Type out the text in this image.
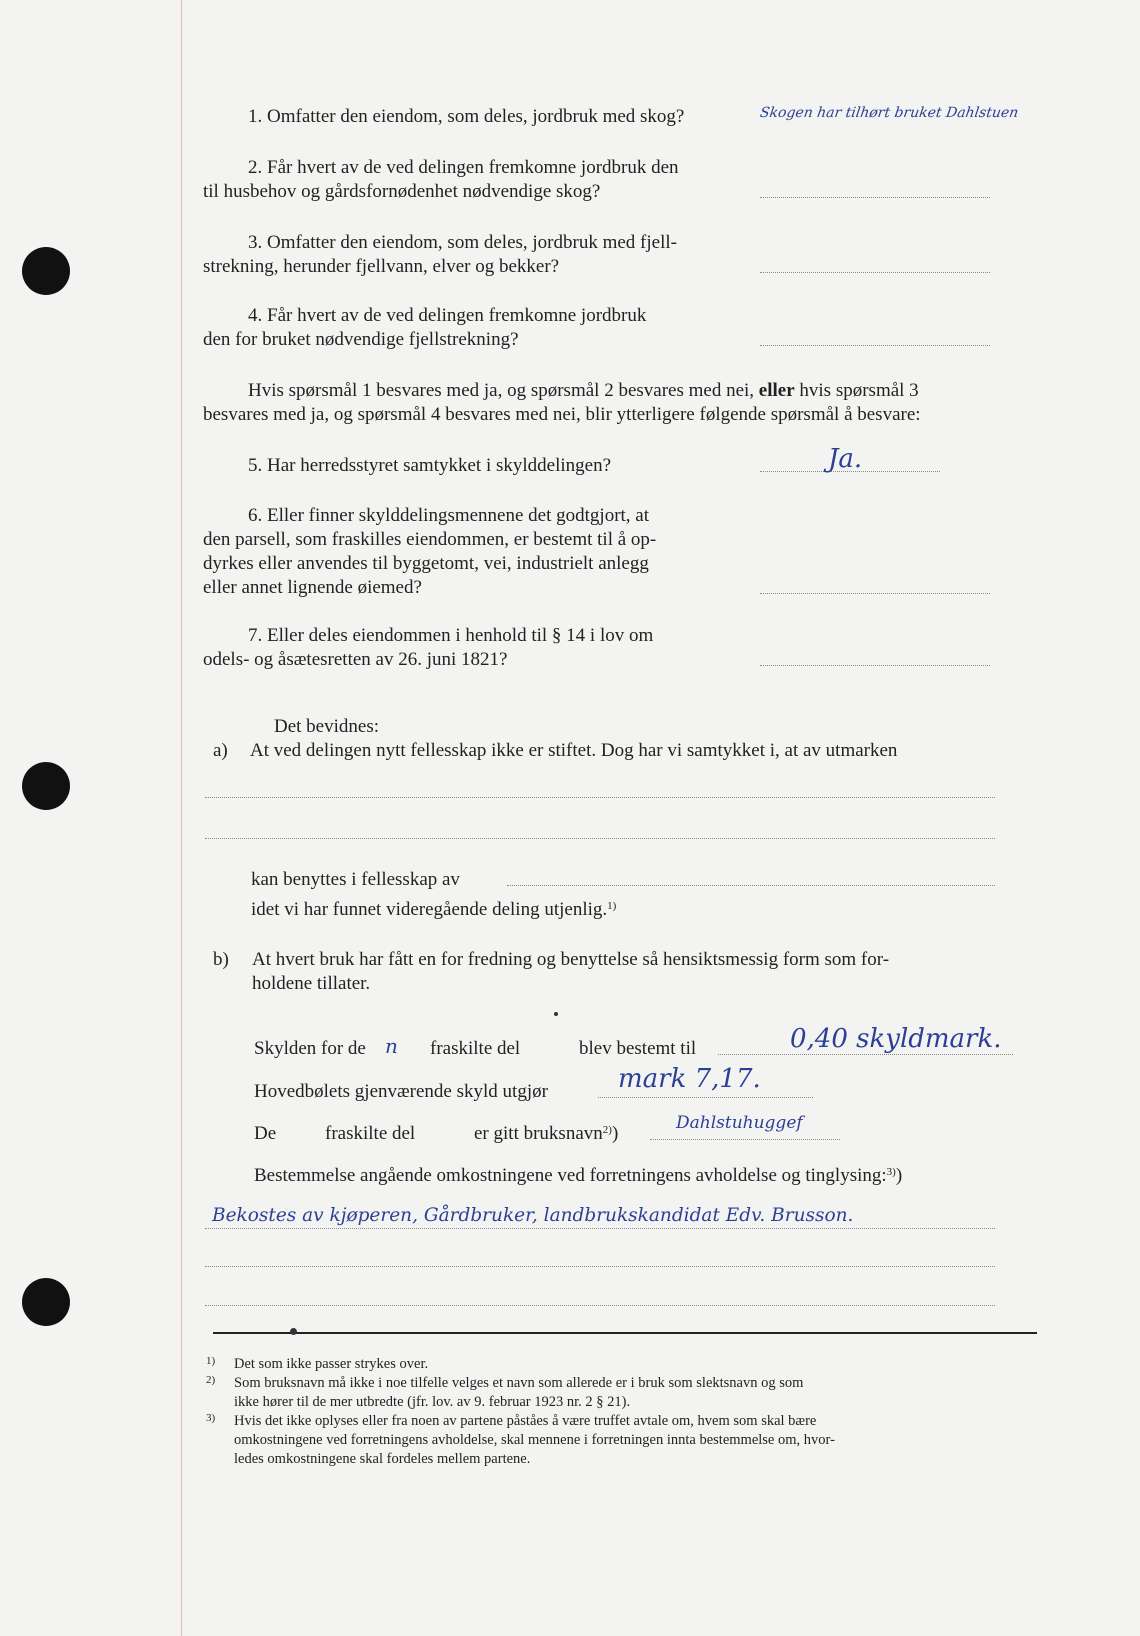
1. Omfatter den eiendom, som deles, jordbruk med skog?	Skogen har tilhørt bruket Dahlstuen
2. Får hvert av de ved delingen fremkomne jordbruk den
til husbehov og gårdsfornødenhet nødvendige skog?
3. Omfatter den eiendom, som deles, jordbruk med fjell-
strekning, herunder fjellvann, elver og bekker?
4. Får hvert av de ved delingen fremkomne jordbruk
den for bruket nødvendige fjellstrekning?
Hvis spørsmål 1 besvares med ja, og spørsmål 2 besvares med nei, eller hvis spørsmål 3
besvares med ja, og spørsmål 4 besvares med nei, blir ytterligere følgende spørsmål å besvare:
5. Har herredsstyret samtykket i skylddelingen?	Ja.
6. Eller finner skylddelingsmennene det godtgjort, at
den parsell, som fraskilles eiendommen, er bestemt til å op-
dyrkes eller anvendes til byggetomt, vei, industrielt anlegg
eller annet lignende øiemed?
7. Eller deles eiendommen i henhold til § 14 i lov om
odels- og åsætesretten av 26. juni 1821?
Det bevidnes:
a) At ved delingen nytt fellesskap ikke er stiftet. Dog har vi samtykket i, at av utmarken
kan benyttes i fellesskap av
idet vi har funnet videregående deling utjenlig.$^{1)}$
b) At hvert bruk har fått en for fredning og benyttelse så hensiktsmessig form som for-
holdene tillater.
Skylden for de n fraskilte del	blev bestemt til	0,40 skyldmark.
Hovedbølets gjenværende skyld utgjør	mark 7,17.
De	fraskilte del	er gitt bruksnavn$^{2)}$)	Dahlstuhuggef
Bestemmelse angående omkostningene ved forretningens avholdelse og tinglysing:$^{3)}$)
Bekostes av kjøperen, Gårdbruker, landbrukskandidat Edv. Brusson.
1) Det som ikke passer strykes over.
2) Som bruksnavn må ikke i noe tilfelle velges et navn som allerede er i bruk som slektsnavn og som
ikke hører til de mer utbredte (jfr. lov. av 9. februar 1923 nr. 2 § 21).
3) Hvis det ikke oplyses eller fra noen av partene påståes å være truffet avtale om, hvem som skal bære
omkostningene ved forretningens avholdelse, skal mennene i forretningen innta bestemmelse om, hvor-
ledes omkostningene skal fordeles mellem partene.
